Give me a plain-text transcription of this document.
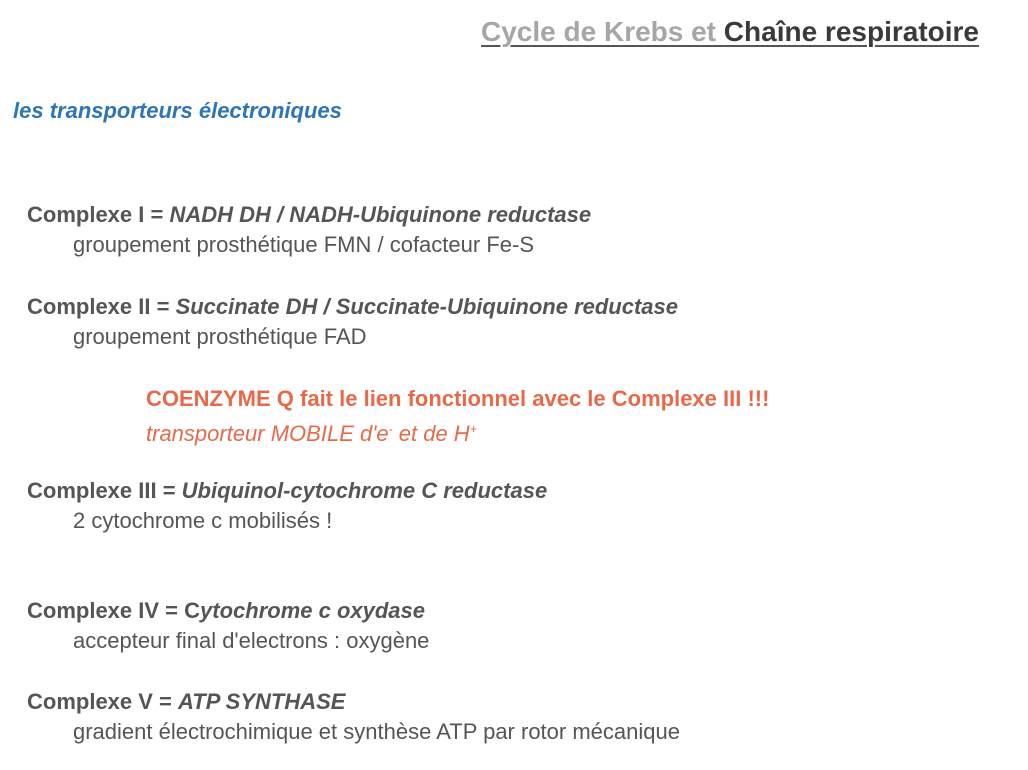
Cycle de Krebs et Chaîne respiratoire
les transporteurs électroniques
Complexe I = NADH DH / NADH-Ubiquinone reductase
groupement prosthétique FMN / cofacteur Fe-S
Complexe II = Succinate DH / Succinate-Ubiquinone reductase
groupement prosthétique FAD
COENZYME Q fait le lien fonctionnel avec le Complexe III !!!
transporteur MOBILE d'e- et de H+
Complexe III = Ubiquinol-cytochrome C reductase
2 cytochrome c mobilisés !
Complexe IV = Cytochrome c oxydase
accepteur final d'electrons : oxygène
Complexe V = ATP SYNTHASE
gradient électrochimique et synthèse ATP par rotor mécanique
